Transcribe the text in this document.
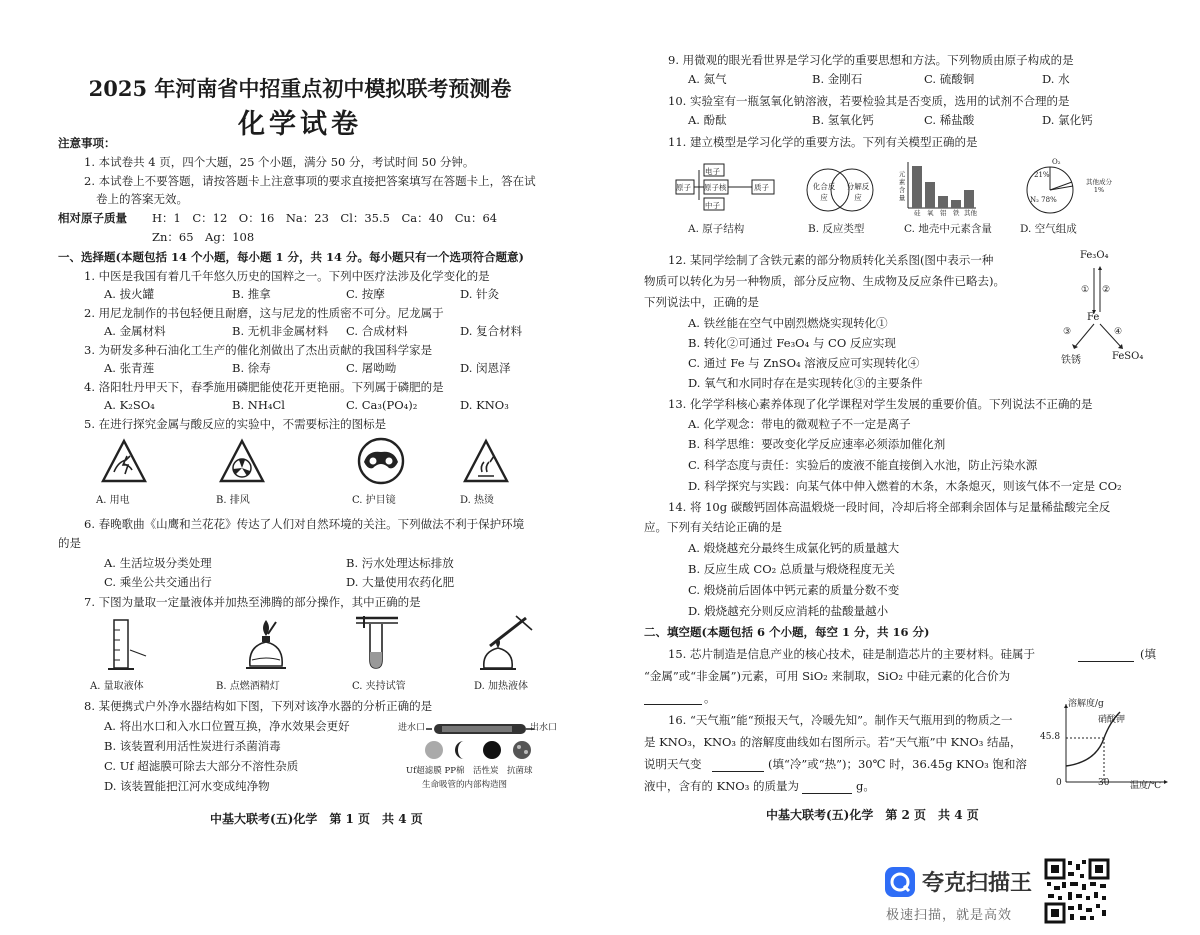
2025 年河南省中招重点初中模拟联考预测卷
化学试卷
注意事项：
1. 本试卷共 4 页，四个大题，25 个小题，满分 50 分，考试时间 50 分钟。
2. 本试卷上不要答题，请按答题卡上注意事项的要求直接把答案填写在答题卡上，答在试
卷上的答案无效。
相对原子质量 H：1　C：12　O：16　Na：23　Cl：35.5　Ca：40　Cu：64
Zn：65　Ag：108
一、选择题(本题包括 14 个小题，每小题 1 分，共 14 分。每小题只有一个选项符合题意)
1. 中医是我国有着几千年悠久历史的国粹之一。下列中医疗法涉及化学变化的是
A. 拔火罐	B. 推拿	C. 按摩	D. 针灸
2. 用尼龙制作的书包轻便且耐磨，这与尼龙的性质密不可分。尼龙属于
A. 金属材料	B. 无机非金属材料 C. 合成材料	D. 复合材料
3. 为研发多种石油化工生产的催化剂做出了杰出贡献的我国科学家是
A. 张青莲	B. 徐寿	C. 屠呦呦	D. 闵恩泽
4. 洛阳牡丹甲天下，春季施用磷肥能使花开更艳丽。下列属于磷肥的是
A. K₂SO₄	B. NH₄Cl	C. Ca₃(PO₄)₂	D. KNO₃
5. 在进行探究金属与酸反应的实验中，不需要标注的图标是
A. 用电	B. 排风	C. 护目镜	D. 热烫
6. 春晚歌曲《山鹰和兰花花》传达了人们对自然环境的关注。下列做法不利于保护环境
的是
A. 生活垃圾分类处理	B. 污水处理达标排放
C. 乘坐公共交通出行	D. 大量使用农药化肥
7. 下图为量取一定量液体并加热至沸腾的部分操作，其中正确的是
A. 量取液体	B. 点燃酒精灯	C. 夹持试管	D. 加热液体
8. 某便携式户外净水器结构如下图，下列对该净水器的分析正确的是
A. 将出水口和入水口位置互换，净水效果会更好
B. 该装置利用活性炭进行杀菌消毒
C. Uf 超滤膜可除去大部分不溶性杂质
D. 该装置能把江河水变成纯净物
进水口	出水口
Uf超滤膜 PP棉　活性炭　抗菌球
生命吸管的内部构造图
中基大联考(五)化学　第 1 页　共 4 页
9. 用微观的眼光看世界是学习化学的重要思想和方法。下列物质由原子构成的是
A. 氮气	B. 金刚石	C. 硫酸铜	D. 水
10. 实验室有一瓶氢氧化钠溶液，若要检验其是否变质，选用的试剂不合理的是
A. 酚酞	B. 氢氧化钙	C. 稀盐酸	D. 氯化钙
11. 建立模型是学习化学的重要方法。下列有关模型正确的是
原子
电子
原子核	质子
中子
化合反应
分解反应
元素含量
硅 氧 铝 铁 其他
O₂
21%
其他成分 1%
N₂ 78%
A. 原子结构	B. 反应类型	C. 地壳中元素含量	D. 空气组成
12. 某同学绘制了含铁元素的部分物质转化关系图(图中表示一种
物质可以转化为另一种物质，部分反应物、生成物及反应条件已略去)。
下列说法中，正确的是
A. 铁丝能在空气中剧烈燃烧实现转化①
B. 转化②可通过 Fe₃O₄ 与 CO 反应实现
C. 通过 Fe 与 ZnSO₄ 溶液反应可实现转化④
D. 氧气和水同时存在是实现转化③的主要条件
Fe₃O₄
Fe
铁锈	FeSO₄
① ②
③	④
13. 化学学科核心素养体现了化学课程对学生发展的重要价值。下列说法不正确的是
A. 化学观念：带电的微观粒子不一定是离子
B. 科学思维：要改变化学反应速率必须添加催化剂
C. 科学态度与责任：实验后的废液不能直接倒入水池，防止污染水源
D. 科学探究与实践：向某气体中伸入燃着的木条，木条熄灭，则该气体不一定是 CO₂
14. 将 10g 碳酸钙固体高温煅烧一段时间，冷却后将全部剩余固体与足量稀盐酸完全反
应。下列有关结论正确的是
A. 煅烧越充分最终生成氯化钙的质量越大
B. 反应生成 CO₂ 总质量与煅烧程度无关
C. 煅烧前后固体中钙元素的质量分数不变
D. 煅烧越充分则反应消耗的盐酸量越小
二、填空题(本题包括 6 个小题，每空 1 分，共 16 分)
15. 芯片制造是信息产业的核心技术，硅是制造芯片的主要材料。硅属于	(填
“金属”或“非金属”)元素，可用 SiO₂ 来制取，SiO₂ 中硅元素的化合价为
。
16. “天气瓶”能“预报天气，冷暖先知”。制作天气瓶用到的物质之一
是 KNO₃，KNO₃ 的溶解度曲线如右图所示。若“天气瓶”中 KNO₃ 结晶，
说明天气变	(填“冷”或“热”)；30℃ 时，36.45g KNO₃ 饱和溶
液中，含有的 KNO₃ 的质量为	g。
溶解度/g
硝酸钾
45.8
0	30 温度/℃
中基大联考(五)化学　第 2 页　共 4 页
夸克扫描王
极速扫描，就是高效
